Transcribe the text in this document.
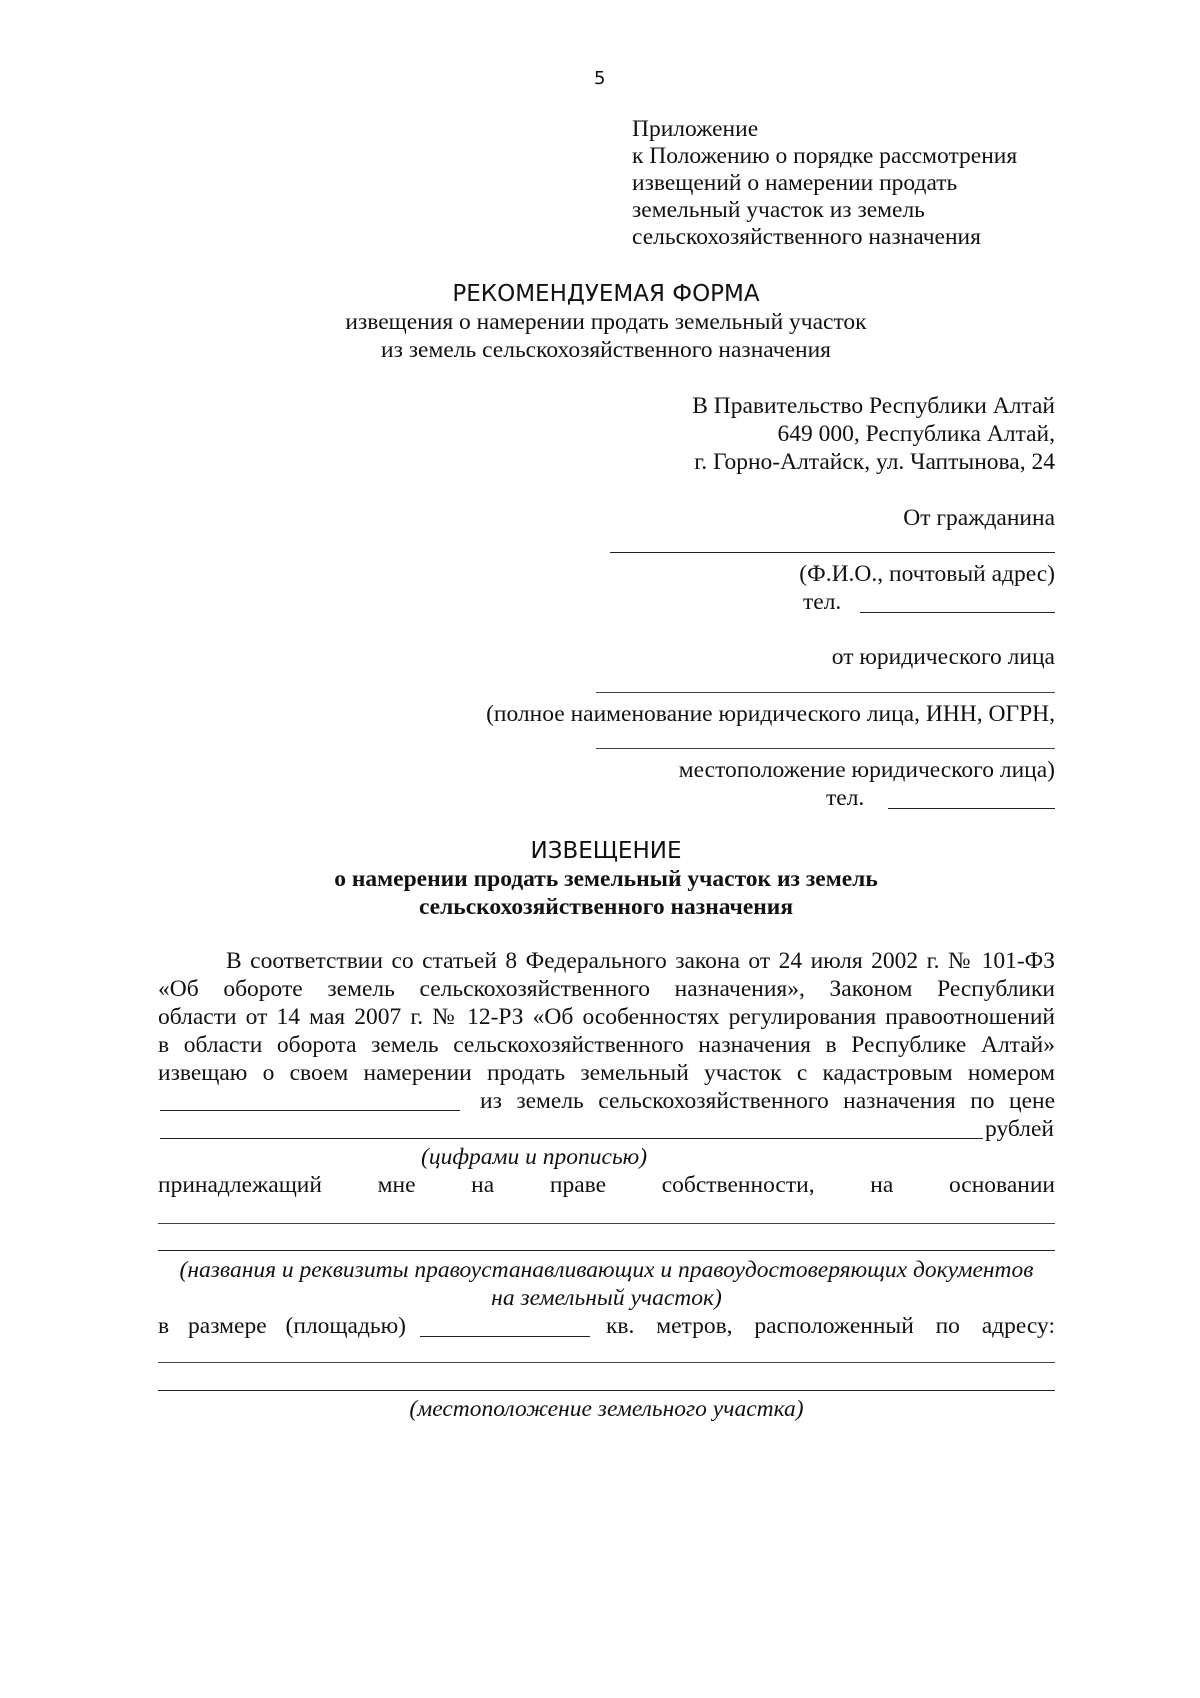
5
Приложение
к Положению о порядке рассмотрения
извещений о намерении продать
земельный участок из земель
сельскохозяйственного назначения
РЕКОМЕНДУЕМАЯ ФОРМА
извещения о намерении продать земельный участок
из земель сельскохозяйственного назначения
В Правительство Республики Алтай
649 000, Республика Алтай,
г. Горно-Алтайск, ул. Чаптынова, 24
От гражданина
(Ф.И.О., почтовый адрес)
тел.
от юридического лица
(полное наименование юридического лица, ИНН, ОГРН,
местоположение юридического лица)
тел.
ИЗВЕЩЕНИЕ
о намерении продать земельный участок из земель
сельскохозяйственного назначения
В соответствии со статьей 8 Федерального закона от 24 июля 2002 г. № 101-ФЗ
«Об обороте земель сельскохозяйственного назначения», Законом Республики
области от 14 мая 2007 г. № 12-РЗ «Об особенностях регулирования правоотношений
в области оборота земель сельскохозяйственного назначения в Республике Алтай»
извещаю о своем намерении продать земельный участок с кадастровым номером
из земель сельскохозяйственного назначения по цене
рублей
(цифрами и прописью)
принадлежащий мне на праве собственности, на основании
(названия и реквизиты правоустанавливающих и правоудостоверяющих документов
на земельный участок)
в размере (площадью)	кв. метров, расположенный по адресу:
(местоположение земельного участка)
